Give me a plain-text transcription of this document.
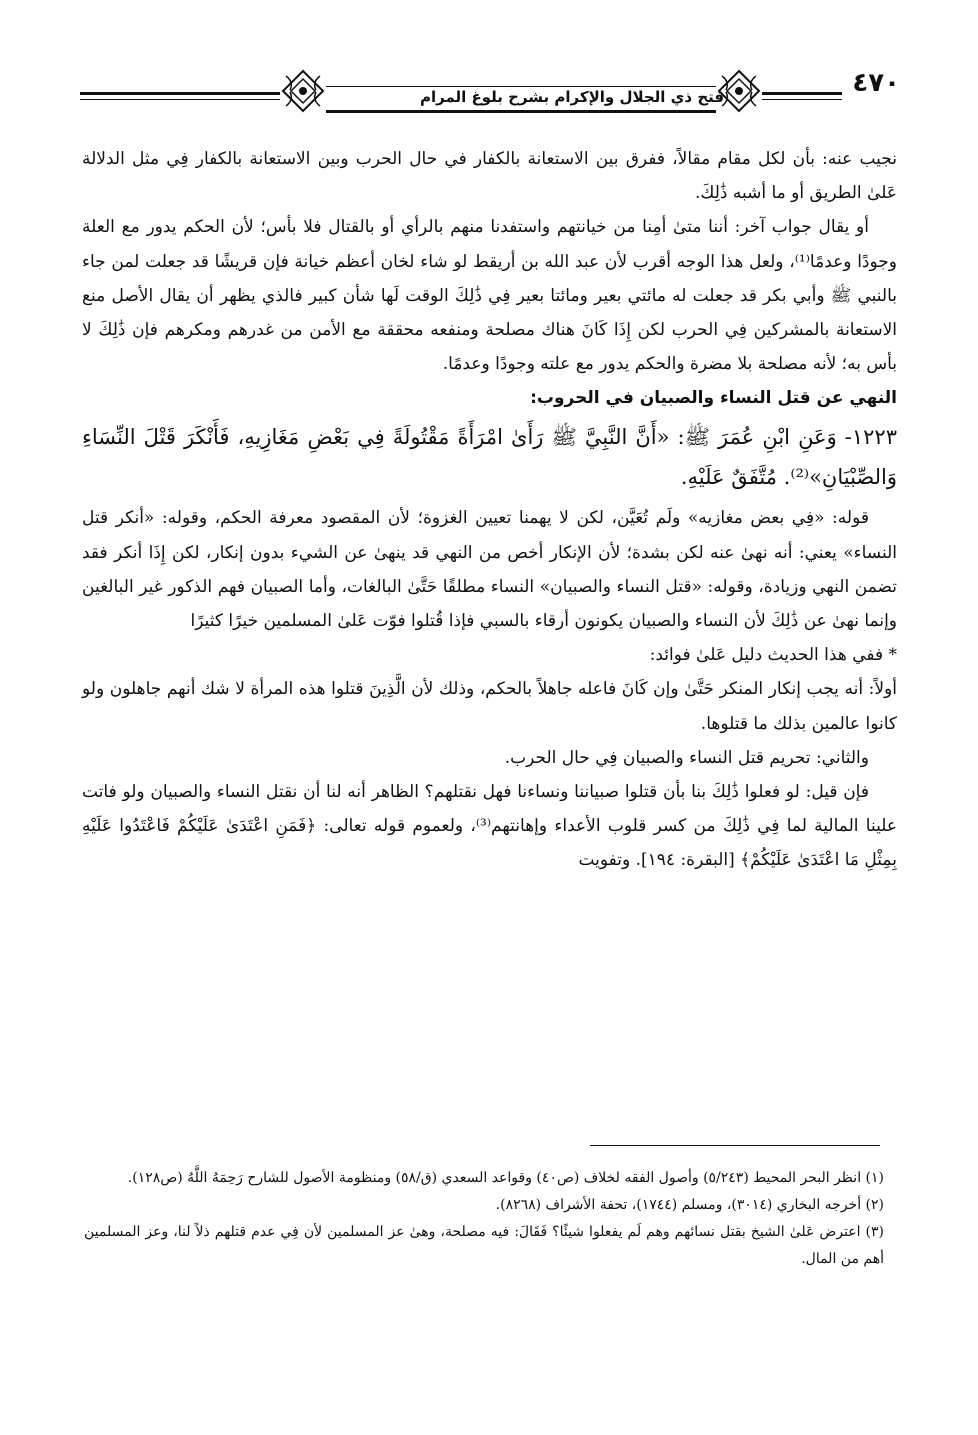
فتح ذي الجلال والإكرام بشرح بلوغ المرام	٤٧٠

نجيب عنه: بأن لكل مقام مقالاً، ففرق بين الاستعانة بالكفار في حال الحرب وبين الاستعانة بالكفار فِي مثل الدلالة عَلىٰ الطريق أو ما أشبه ذَٰلِكَ.

أو يقال جواب آخر: أننا متىٰ أمِنا من خيانتهم واستفدنا منهم بالرأي أو بالقتال فلا بأس؛ لأن الحكم يدور مع العلة وجودًا وعدمًا⁽¹⁾، ولعل هذا الوجه أقرب لأن عبد الله بن أريقط لو شاء لخان أعظم خيانة فإن قريشًا قد جعلت لمن جاء بالنبي ﷺ وأبي بكر قد جعلت له مائتي بعير ومائتا بعير فِي ذَٰلِكَ الوقت لَها شأن كبير فالذي يظهر أن يقال الأصل منع الاستعانة بالمشركين فِي الحرب لكن إِذَا كَانَ هناك مصلحة ومنفعه محققة مع الأمن من غدرهم ومكرهم فإن ذَٰلِكَ لا بأس به؛ لأنه مصلحة بلا مضرة والحكم يدور مع علته وجودًا وعدمًا.

النهي عن قتل النساء والصبيان في الحروب:

١٢٢٣- وَعَنِ ابْنِ عُمَرَ ﷺ: «أَنَّ النَّبِيَّ ﷺ رَأَىٰ امْرَأَةً مَقْتُولَةً فِي بَعْضِ مَغَازِيهِ، فَأَنْكَرَ قَتْلَ النِّسَاءِ وَالصِّبْيَانِ»⁽²⁾. مُتَّفَقٌ عَلَيْهِ.

قوله: «فِي بعض مغازيه» ولَم تُعَيَّن، لكن لا يهمنا تعيين الغزوة؛ لأن المقصود معرفة الحكم، وقوله: «أنكر قتل النساء» يعني: أنه نهىٰ عنه لكن بشدة؛ لأن الإنكار أخص من النهي قد ينهىٰ عن الشيء بدون إنكار، لكن إِذَا أنكر فقد تضمن النهي وزيادة، وقوله: «قتل النساء والصبيان» النساء مطلقًا حَتَّىٰ البالغات، وأما الصبيان فهم الذكور غير البالغين وإنما نهىٰ عن ذَٰلِكَ لأن النساء والصبيان يكونون أرقاء بالسبي فإذا قُتلوا فوّت عَلىٰ المسلمين خيرًا كثيرًا

* ففي هذا الحديث دليل عَلىٰ فوائد:

أولاً: أنه يجب إنكار المنكر حَتَّىٰ وإن كَانَ فاعله جاهلاً بالحكم، وذلك لأن الَّذِينَ قتلوا هذه المرأة لا شك أنهم جاهلون ولو كانوا عالمين بذلك ما قتلوها.

والثاني: تحريم قتل النساء والصبيان فِي حال الحرب.

فإن قيل: لو فعلوا ذَٰلِكَ بنا بأن قتلوا صبياننا ونساءنا فهل نقتلهم؟ الظاهر أنه لنا أن نقتل النساء والصبيان ولو فاتت علينا المالية لما فِي ذَٰلِكَ من كسر قلوب الأعداء وإهانتهم⁽³⁾، ولعموم قوله تعالى: ﴿فَمَنِ اعْتَدَىٰ عَلَيْكُمْ فَاعْتَدُوا عَلَيْهِ بِمِثْلِ مَا اعْتَدَىٰ عَلَيْكُمْ﴾ [البقرة: ١٩٤]. وتفويت

(١) انظر البحر المحيط (٥/٢٤٣) وأصول الفقه لخلاف (ص٤٠) وقواعد السعدي (ق/٥٨) ومنظومة الأصول للشارح رَحِمَهُ اللَّهُ (ص١٢٨).

(٢) أخرجه البخاري (٣٠١٤)، ومسلم (١٧٤٤)، تحفة الأشراف (٨٢٦٨).

(٣) اعترض عَلىٰ الشيخ بقتل نسائهم وهم لَم يفعلوا شيئًا؟ فَقَالَ: فيه مصلحة، وهىٰ عز المسلمين لأن فِي عدم قتلهم ذلاً لنا، وعز المسلمين أهم من المال.
